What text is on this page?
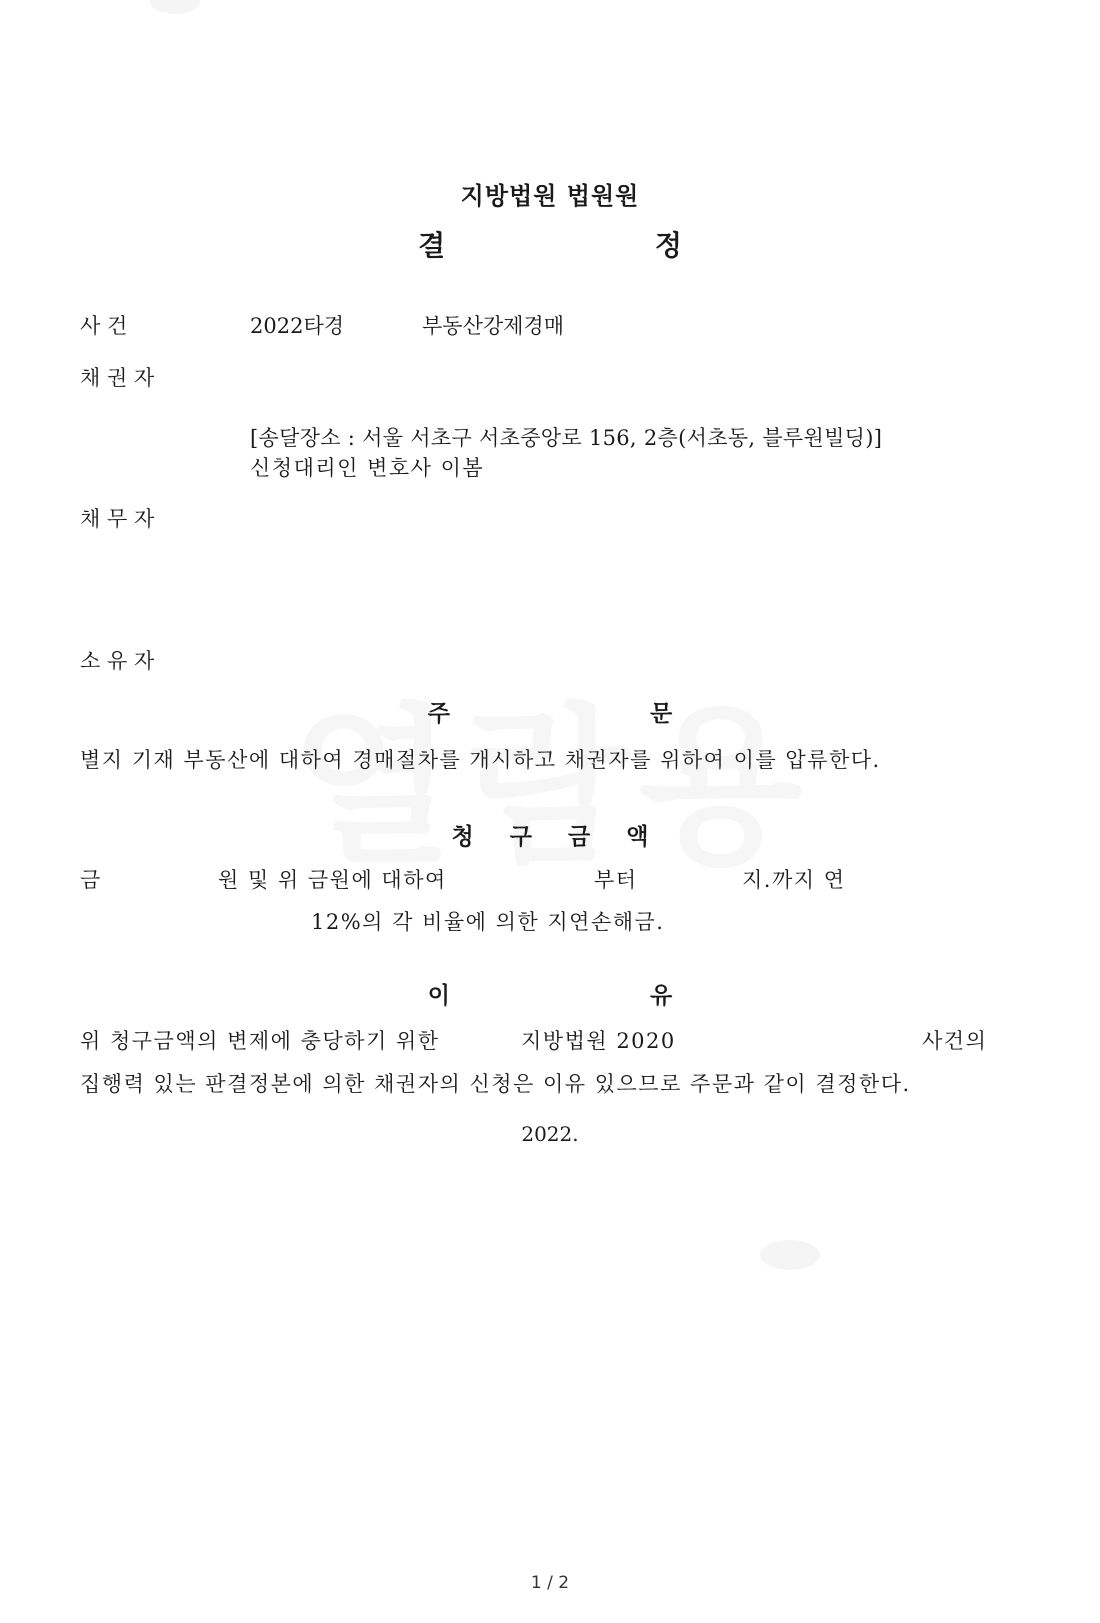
지방법원 법원원
결 정
사 건	2022타경	부동산강제경매
채 권 자
[송달장소 : 서울 서초구 서초중앙로 156, 2층(서초동, 블루원빌딩)]
신청대리인 변호사 이봄
채 무 자
소 유 자
주 문
별지 기재 부동산에 대하여 경매절차를 개시하고 채권자를 위하여 이를 압류한다.
청 구 금 액
금	원 및 위 금원에 대하여	부터	지.까지 연
12%의 각 비율에 의한 지연손해금.
이 유
위 청구금액의 변제에 충당하기 위한	지방법원 2020	사건의
집행력 있는 판결정본에 의한 채권자의 신청은 이유 있으므로 주문과 같이 결정한다.
2022.
1 / 2
